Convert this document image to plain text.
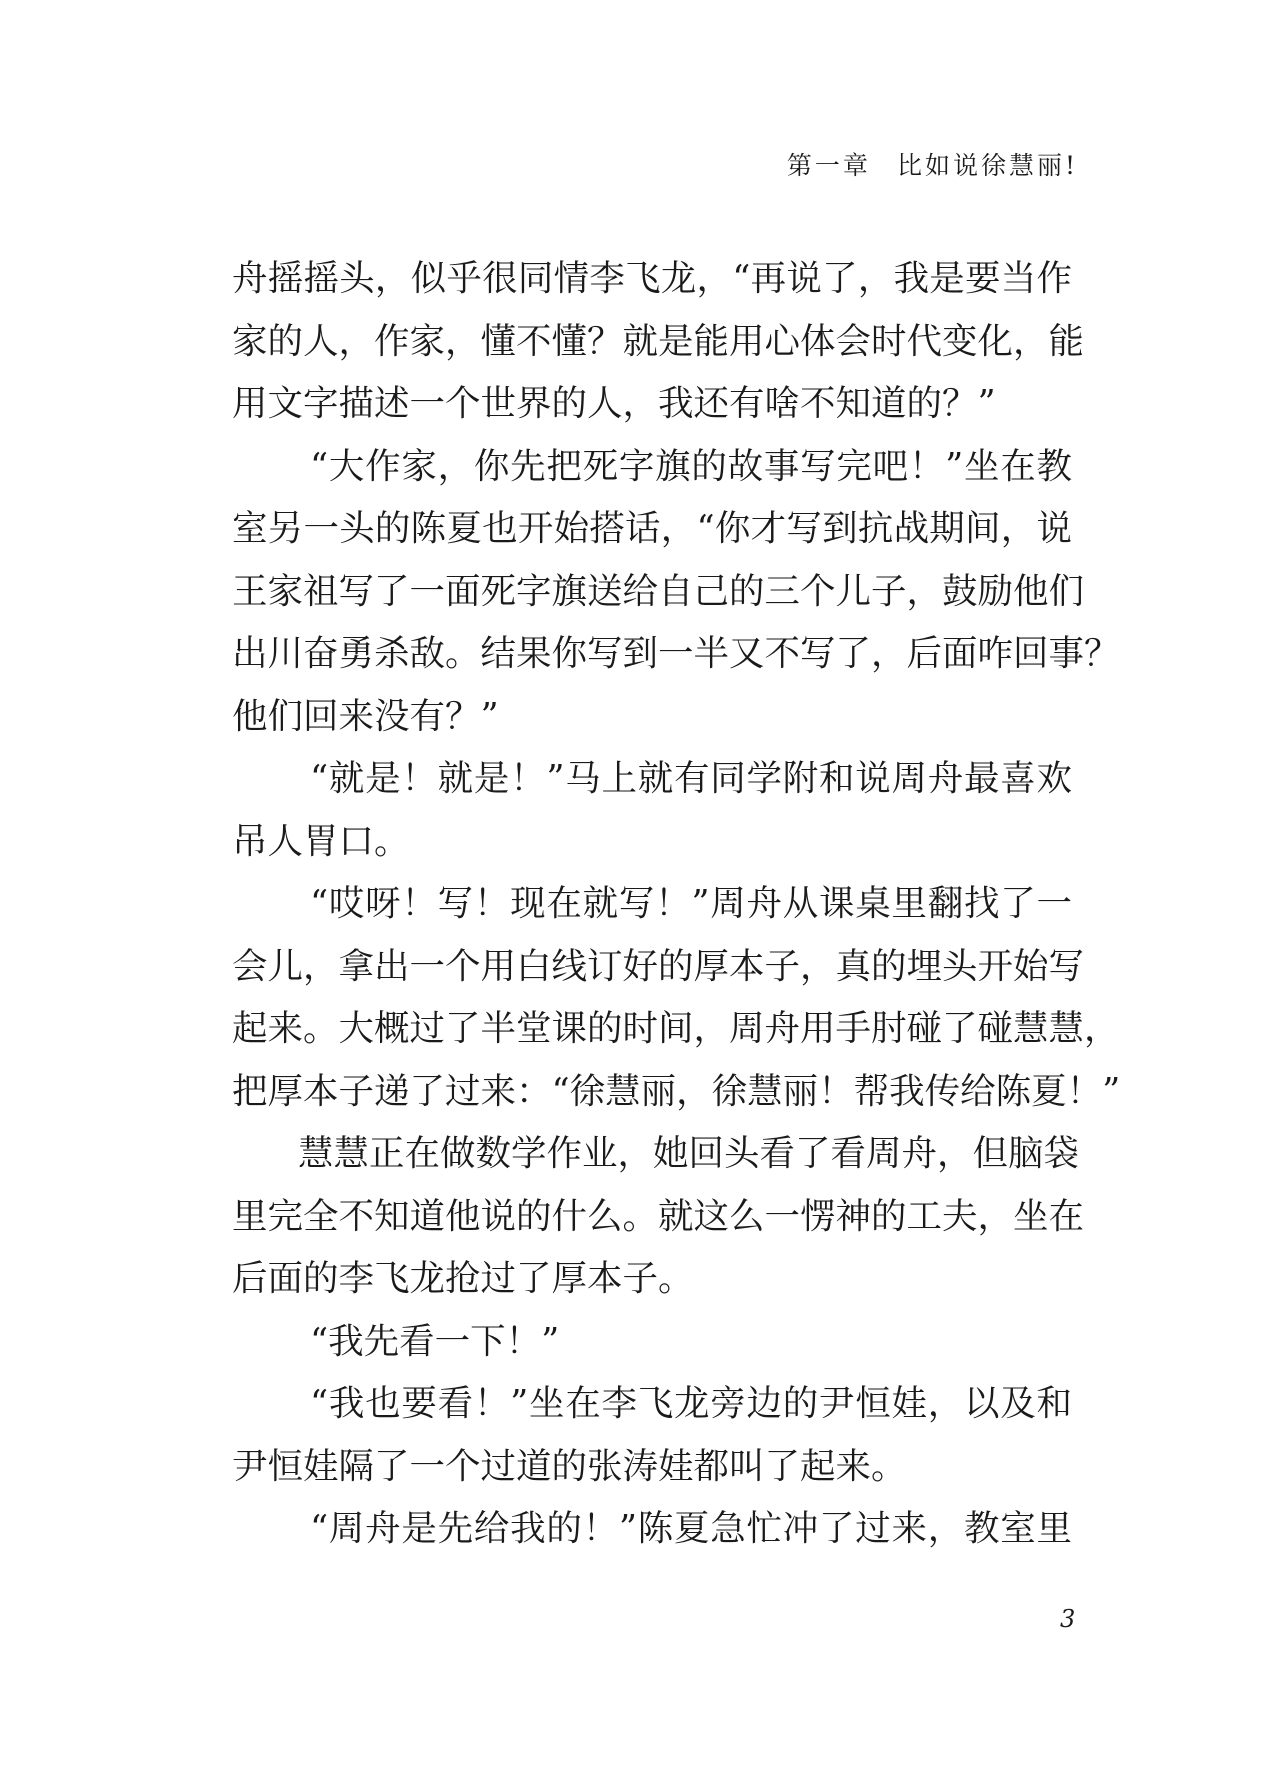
第一章 比如说徐慧丽!
舟摇摇头，似乎很同情李飞龙，“再说了，我是要当作
家的人，作家，懂不懂？就是能用心体会时代变化，能
用文字描述一个世界的人，我还有啥不知道的？”
“大作家，你先把死字旗的故事写完吧！”坐在教
室另一头的陈夏也开始搭话，“你才写到抗战期间，说
王家祖写了一面死字旗送给自己的三个儿子，鼓励他们
出川奋勇杀敌。结果你写到一半又不写了，后面咋回事？
他们回来没有？”
“就是！就是！”马上就有同学附和说周舟最喜欢
吊人胃口。
“哎呀！写！现在就写！”周舟从课桌里翻找了一
会儿，拿出一个用白线订好的厚本子，真的埋头开始写
起来。大概过了半堂课的时间，周舟用手肘碰了碰慧慧，
把厚本子递了过来：“徐慧丽，徐慧丽！帮我传给陈夏！”
慧慧正在做数学作业，她回头看了看周舟，但脑袋
里完全不知道他说的什么。就这么一愣神的工夫，坐在
后面的李飞龙抢过了厚本子。
“我先看一下！”
“我也要看！”坐在李飞龙旁边的尹恒娃，以及和
尹恒娃隔了一个过道的张涛娃都叫了起来。
“周舟是先给我的！”陈夏急忙冲了过来，教室里
3
